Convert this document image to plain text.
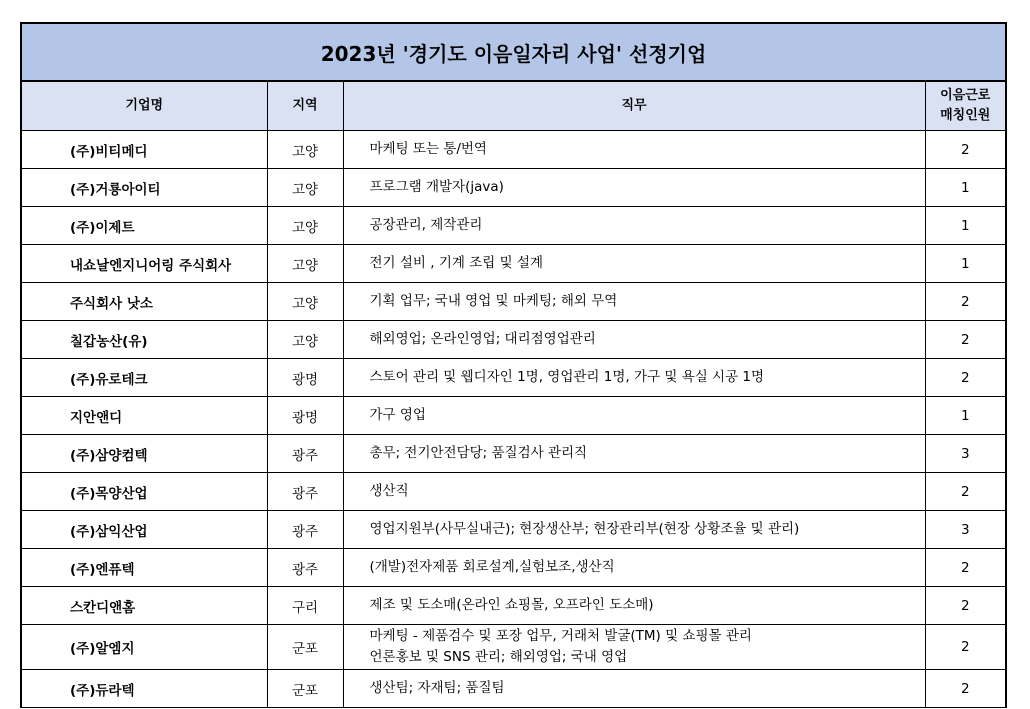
2023년 '경기도 이음일자리 사업' 선정기업			
기업명	지역	직무	이음근로
매칭인원

(주)비티메디	고양	마케팅 또는 통/번역	2
(주)거룡아이티	고양	프로그램 개발자(java)	1
(주)이제트	고양	공장관리, 제작관리	1
내쇼날엔지니어링 주식회사	고양	전기 설비 , 기계 조립 및 설계	1
주식회사 낫소	고양	기획 업무; 국내 영업 및 마케팅; 해외 무역	2
칠갑농산(유)	고양	해외영업; 온라인영업; 대리점영업관리	2
(주)유로테크	광명	스토어 관리 및 웹디자인 1명, 영업관리 1명, 가구 및 욕실 시공 1명	2
지안앤디	광명	가구 영업	1
(주)삼양컴텍	광주	총무; 전기안전담당; 품질검사 관리직	3
(주)목양산업	광주	생산직	2
(주)삼익산업	광주	영업지원부(사무실내근); 현장생산부; 현장관리부(현장 상황조율 및 관리)	3
(주)엔퓨텍	광주	(개발)전자제품 회로설계,실험보조,생산직	2
스칸디앤홈	구리	제조 및 도소매(온라인 쇼핑몰, 오프라인 도소매)	2
(주)알엠지	군포	마케팅 - 제품검수 및 포장 업무, 거래처 발굴(TM) 및 쇼핑몰 관리
언론홍보 및 SNS 관리; 해외영업; 국내 영업	2
(주)듀라텍	군포	생산팀; 자재팀; 품질팀	2
